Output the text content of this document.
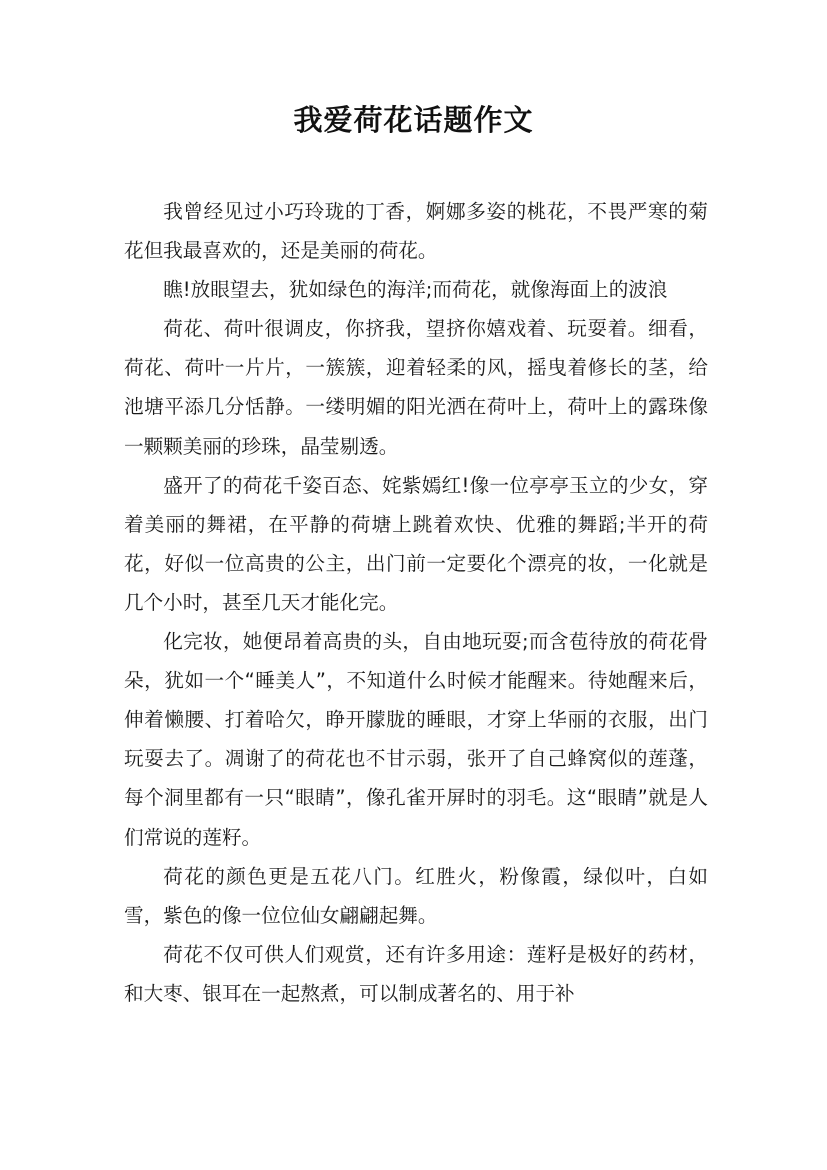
我爱荷花话题作文

我曾经见过小巧玲珑的丁香，婀娜多姿的桃花，不畏严寒的菊花但我最喜欢的，还是美丽的荷花。

瞧!放眼望去，犹如绿色的海洋;而荷花，就像海面上的波浪

荷花、荷叶很调皮，你挤我，望挤你嬉戏着、玩耍着。细看，荷花、荷叶一片片，一簇簇，迎着轻柔的风，摇曳着修长的茎，给池塘平添几分恬静。一缕明媚的阳光洒在荷叶上，荷叶上的露珠像一颗颗美丽的珍珠，晶莹剔透。

盛开了的荷花千姿百态、姹紫嫣红!像一位亭亭玉立的少女，穿着美丽的舞裙，在平静的荷塘上跳着欢快、优雅的舞蹈;半开的荷花，好似一位高贵的公主，出门前一定要化个漂亮的妆，一化就是几个小时，甚至几天才能化完。

化完妆，她便昂着高贵的头，自由地玩耍;而含苞待放的荷花骨朵，犹如一个“睡美人”，不知道什么时候才能醒来。待她醒来后，伸着懒腰、打着哈欠，睁开朦胧的睡眼，才穿上华丽的衣服，出门玩耍去了。凋谢了的荷花也不甘示弱，张开了自己蜂窝似的莲蓬，每个洞里都有一只“眼睛”，像孔雀开屏时的羽毛。这“眼睛”就是人们常说的莲籽。

荷花的颜色更是五花八门。红胜火，粉像霞，绿似叶，白如雪，紫色的像一位位仙女翩翩起舞。

荷花不仅可供人们观赏，还有许多用途：莲籽是极好的药材，和大枣、银耳在一起熬煮，可以制成著名的、用于补
